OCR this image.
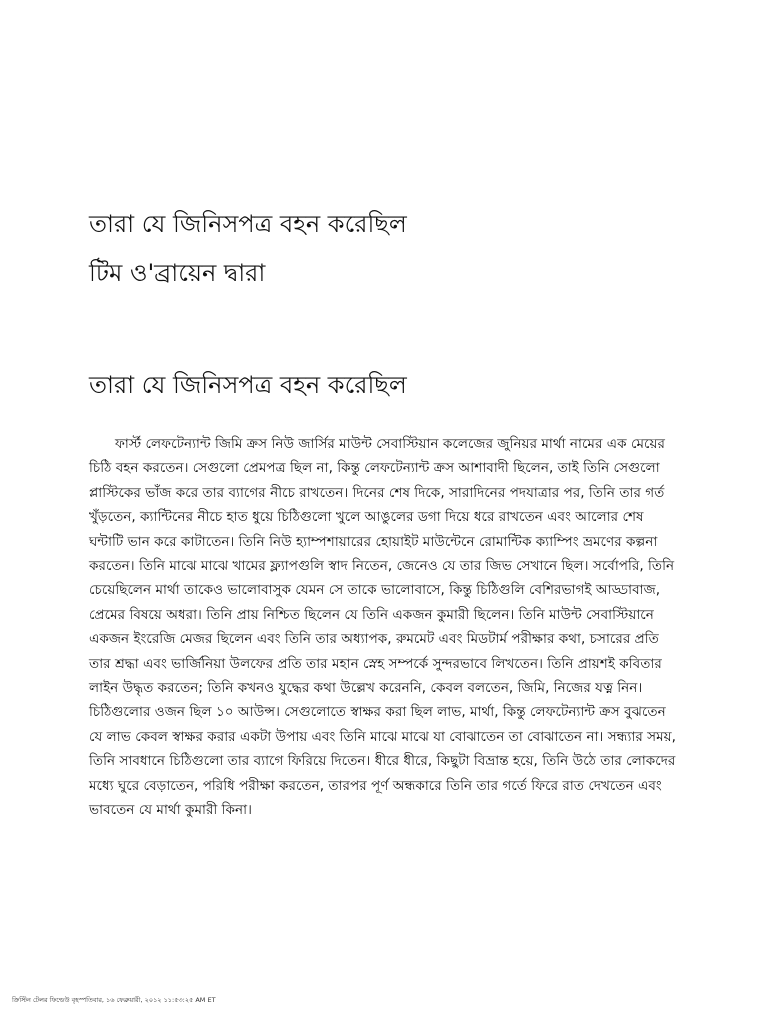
তারা যে জিনিসপত্র বহন করেছিল
টিম ও'ব্রায়েন দ্বারা
তারা যে জিনিসপত্র বহন করেছিল

ফার্স্ট লেফটেন্যান্ট জিমি ক্রস নিউ জার্সির মাউন্ট সেবাস্টিয়ান কলেজের জুনিয়র মার্থা নামের এক মেয়ের চিঠি বহন করতেন। সেগুলো প্রেমপত্র ছিল না, কিন্তু লেফটেন্যান্ট ক্রস আশাবাদী ছিলেন, তাই তিনি সেগুলো প্লাস্টিকের ভাঁজ করে তার ব্যাগের নীচে রাখতেন। দিনের শেষ দিকে, সারাদিনের পদযাত্রার পর, তিনি তার গর্ত খুঁড়তেন, ক্যান্টিনের নীচে হাত ধুয়ে চিঠিগুলো খুলে আঙুলের ডগা দিয়ে ধরে রাখতেন এবং আলোর শেষ ঘন্টাটি ভান করে কাটাতেন। তিনি নিউ হ্যাম্পশায়ারের হোয়াইট মাউন্টেনে রোমান্টিক ক্যাম্পিং ভ্রমণের কল্পনা করতেন। তিনি মাঝে মাঝে খামের ফ্ল্যাপগুলি স্বাদ নিতেন, জেনেও যে তার জিভ সেখানে ছিল। সর্বোপরি, তিনি চেয়েছিলেন মার্থা তাকেও ভালোবাসুক যেমন সে তাকে ভালোবাসে, কিন্তু চিঠিগুলি বেশিরভাগই আড্ডাবাজ, প্রেমের বিষয়ে অধরা। তিনি প্রায় নিশ্চিত ছিলেন যে তিনি একজন কুমারী ছিলেন। তিনি মাউন্ট সেবাস্টিয়ানে একজন ইংরেজি মেজর ছিলেন এবং তিনি তার অধ্যাপক, রুমমেট এবং মিডটার্ম পরীক্ষার কথা, চসারের প্রতি তার শ্রদ্ধা এবং ভার্জিনিয়া উলফের প্রতি তার মহান স্নেহ সম্পর্কে সুন্দরভাবে লিখতেন। তিনি প্রায়শই কবিতার লাইন উদ্ধৃত করতেন; তিনি কখনও যুদ্ধের কথা উল্লেখ করেননি, কেবল বলতেন, জিমি, নিজের যত্ন নিন। চিঠিগুলোর ওজন ছিল ১০ আউন্স। সেগুলোতে স্বাক্ষর করা ছিল লাভ, মার্থা, কিন্তু লেফটেন্যান্ট ক্রস বুঝতেন যে লাভ কেবল স্বাক্ষর করার একটা উপায় এবং তিনি মাঝে মাঝে যা বোঝাতেন তা বোঝাতেন না। সন্ধ্যার সময়, তিনি সাবধানে চিঠিগুলো তার ব্যাগে ফিরিয়ে দিতেন। ধীরে ধীরে, কিছুটা বিভ্রান্ত হয়ে, তিনি উঠে তার লোকদের মধ্যে ঘুরে বেড়াতেন, পরিধি পরীক্ষা করতেন, তারপর পূর্ণ অন্ধকারে তিনি তার গর্তে ফিরে রাত দেখতেন এবং ভাবতেন যে মার্থা কুমারী কিনা।

ক্রিস্টিন টেলর ফিল্ডেউ বৃহস্পতিবার, ১৬ ফেব্রুয়ারী, ২০১২ ১১:৫৩:২৫ AM ET
